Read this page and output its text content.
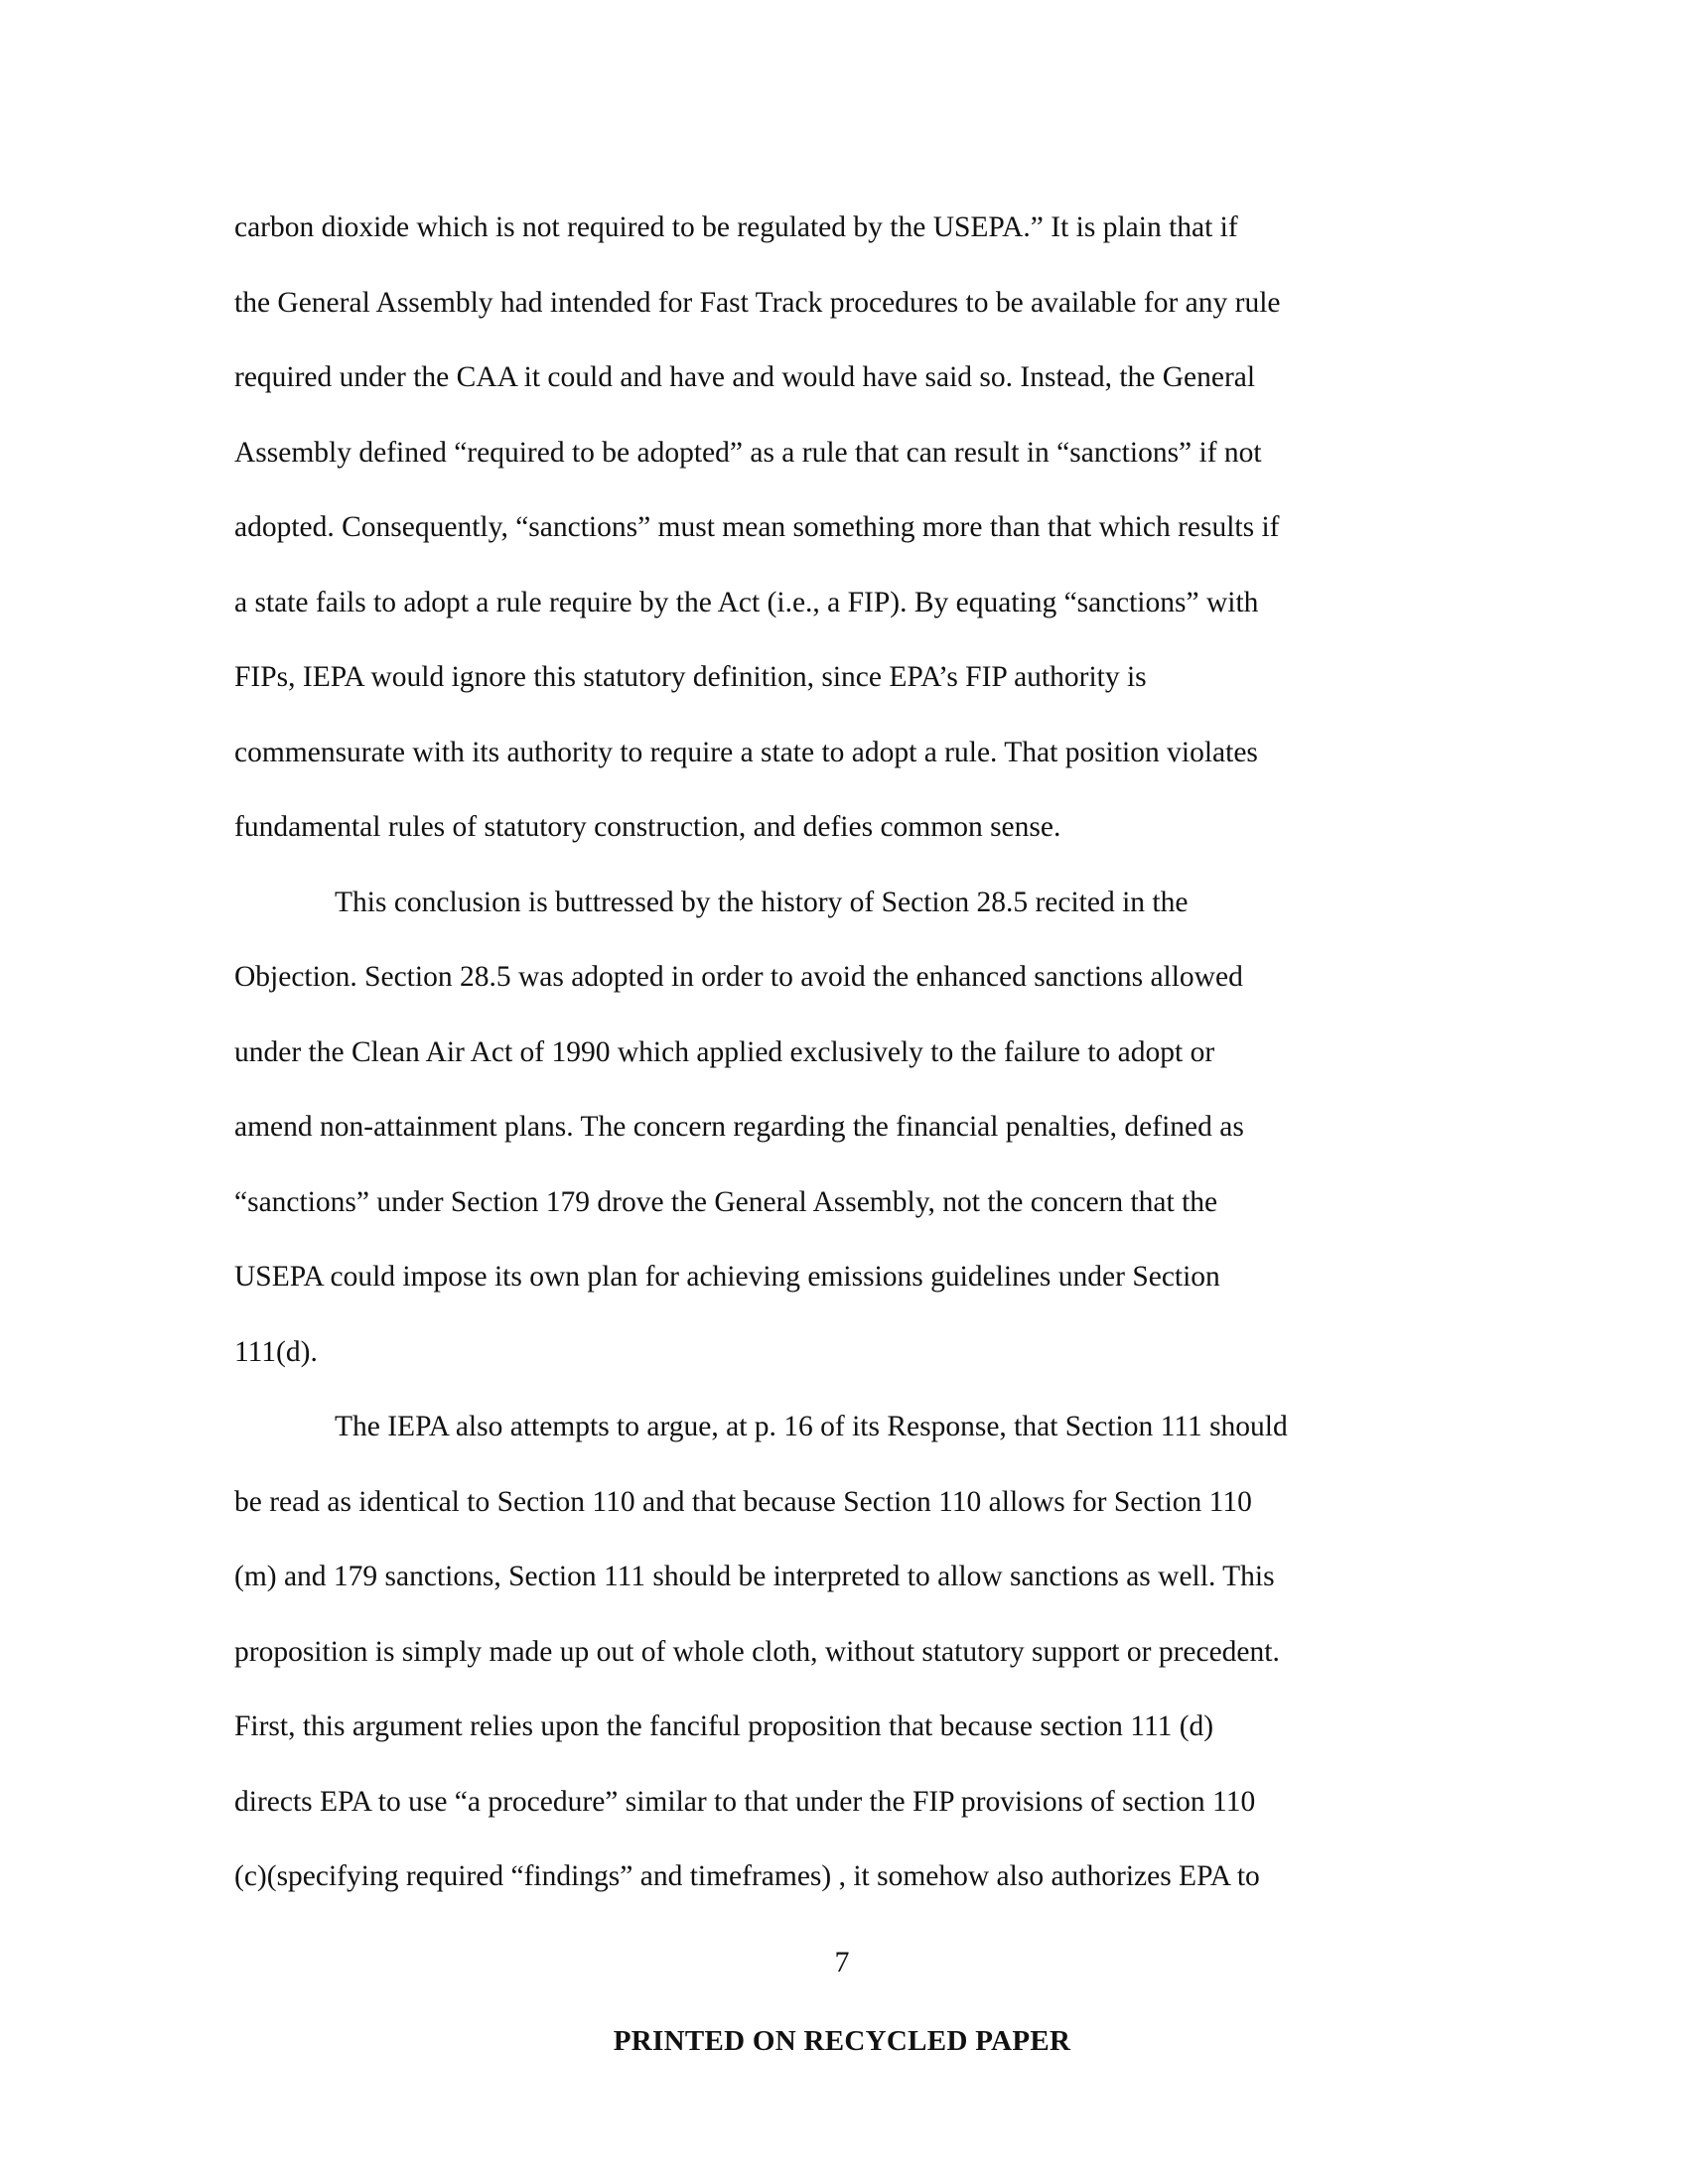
carbon dioxide which is not required to be regulated by the USEPA.” It is plain that if
the General Assembly had intended for Fast Track procedures to be available for any rule
required under the CAA it could and have and would have said so. Instead, the General
Assembly defined “required to be adopted” as a rule that can result in “sanctions” if not
adopted. Consequently, “sanctions” must mean something more than that which results if
a state fails to adopt a rule require by the Act (i.e., a FIP). By equating “sanctions” with
FIPs, IEPA would ignore this statutory definition, since EPA’s FIP authority is
commensurate with its authority to require a state to adopt a rule. That position violates
fundamental rules of statutory construction, and defies common sense.
This conclusion is buttressed by the history of Section 28.5 recited in the
Objection. Section 28.5 was adopted in order to avoid the enhanced sanctions allowed
under the Clean Air Act of 1990 which applied exclusively to the failure to adopt or
amend non-attainment plans. The concern regarding the financial penalties, defined as
“sanctions” under Section 179 drove the General Assembly, not the concern that the
USEPA could impose its own plan for achieving emissions guidelines under Section
111(d).
The IEPA also attempts to argue, at p. 16 of its Response, that Section 111 should
be read as identical to Section 110 and that because Section 110 allows for Section 110
(m) and 179 sanctions, Section 111 should be interpreted to allow sanctions as well. This
proposition is simply made up out of whole cloth, without statutory support or precedent.
First, this argument relies upon the fanciful proposition that because section 111 (d)
directs EPA to use “a procedure” similar to that under the FIP provisions of section 110
(c)(specifying required “findings” and timeframes) , it somehow also authorizes EPA to
7
PRINTED ON RECYCLED PAPER
